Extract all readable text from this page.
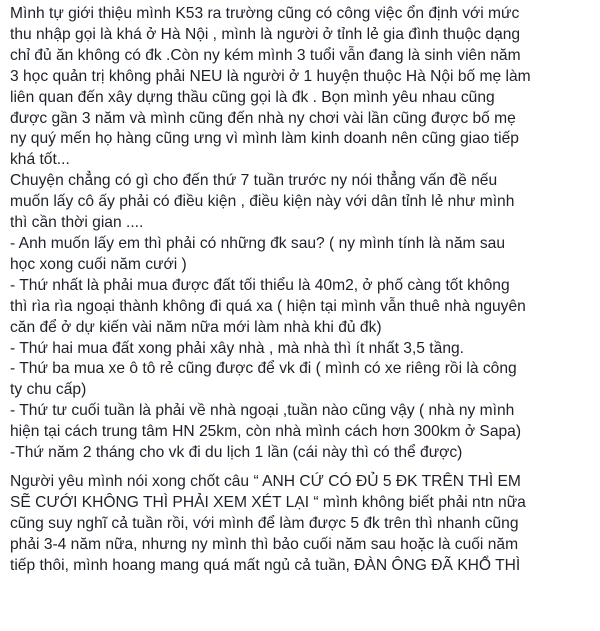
Mình tự giới thiệu mình K53 ra trường cũng có công việc ổn định với mức
thu nhập gọi là khá ở Hà Nội , mình là người ở tỉnh lẻ gia đình thuộc dạng
chỉ đủ ăn không có đk .Còn ny kém mình 3 tuổi vẫn đang là sinh viên năm
3 học quản trị không phải NEU là người ở 1 huyện thuộc Hà Nội bố mẹ làm
liên quan đến xây dựng thầu cũng gọi là đk . Bọn mình yêu nhau cũng
được gần 3 năm và mình cũng đến nhà ny chơi vài lần cũng được bố mẹ
ny quý mến họ hàng cũng ưng vì mình làm kinh doanh nên cũng giao tiếp
khá tốt...
Chuyện chẳng có gì cho đến thứ 7 tuần trước ny nói thẳng vấn đề nếu
muốn lấy cô ấy phải có điều kiện , điều kiện này với dân tỉnh lẻ như mình
thì cần thời gian ....
- Anh muốn lấy em thì phải có những đk sau? ( ny mình tính là năm sau
học xong cuối năm cưới )
- Thứ nhất là phải mua được đất tối thiểu là 40m2, ở phố càng tốt không
thì rìa rìa ngoại thành không đi quá xa ( hiện tại mình vẫn thuê nhà nguyên
căn để ở dự kiến vài năm nữa mới làm nhà khi đủ đk)
- Thứ hai mua đất xong phải xây nhà , mà nhà thì ít nhất 3,5 tầng.
- Thứ ba mua xe ô tô rẻ cũng được để vk đi ( mình có xe riêng rồi là công
ty chu cấp)
- Thứ tư cuối tuần là phải về nhà ngoại ,tuần nào cũng vậy ( nhà ny mình
hiện tại cách trung tâm HN 25km, còn nhà mình cách hơn 300km ở Sapa)
-Thứ năm 2 tháng cho vk đi du lịch 1 lần (cái này thì có thể được)
Người yêu mình nói xong chốt câu “ ANH CỨ CÓ ĐỦ 5 ĐK TRÊN THÌ EM
SẼ CƯỚI KHÔNG THÌ PHẢI XEM XÉT LẠI “ mình không biết phải ntn nữa
cũng suy nghĩ cả tuần rồi, với mình để làm được 5 đk trên thì nhanh cũng
phải 3-4 năm nữa, nhưng ny mình thì bảo cuối năm sau hoặc là cuối năm
tiếp thôi, mình hoang mang quá mất ngủ cả tuần, ĐÀN ÔNG ĐÃ KHỔ THÌ
